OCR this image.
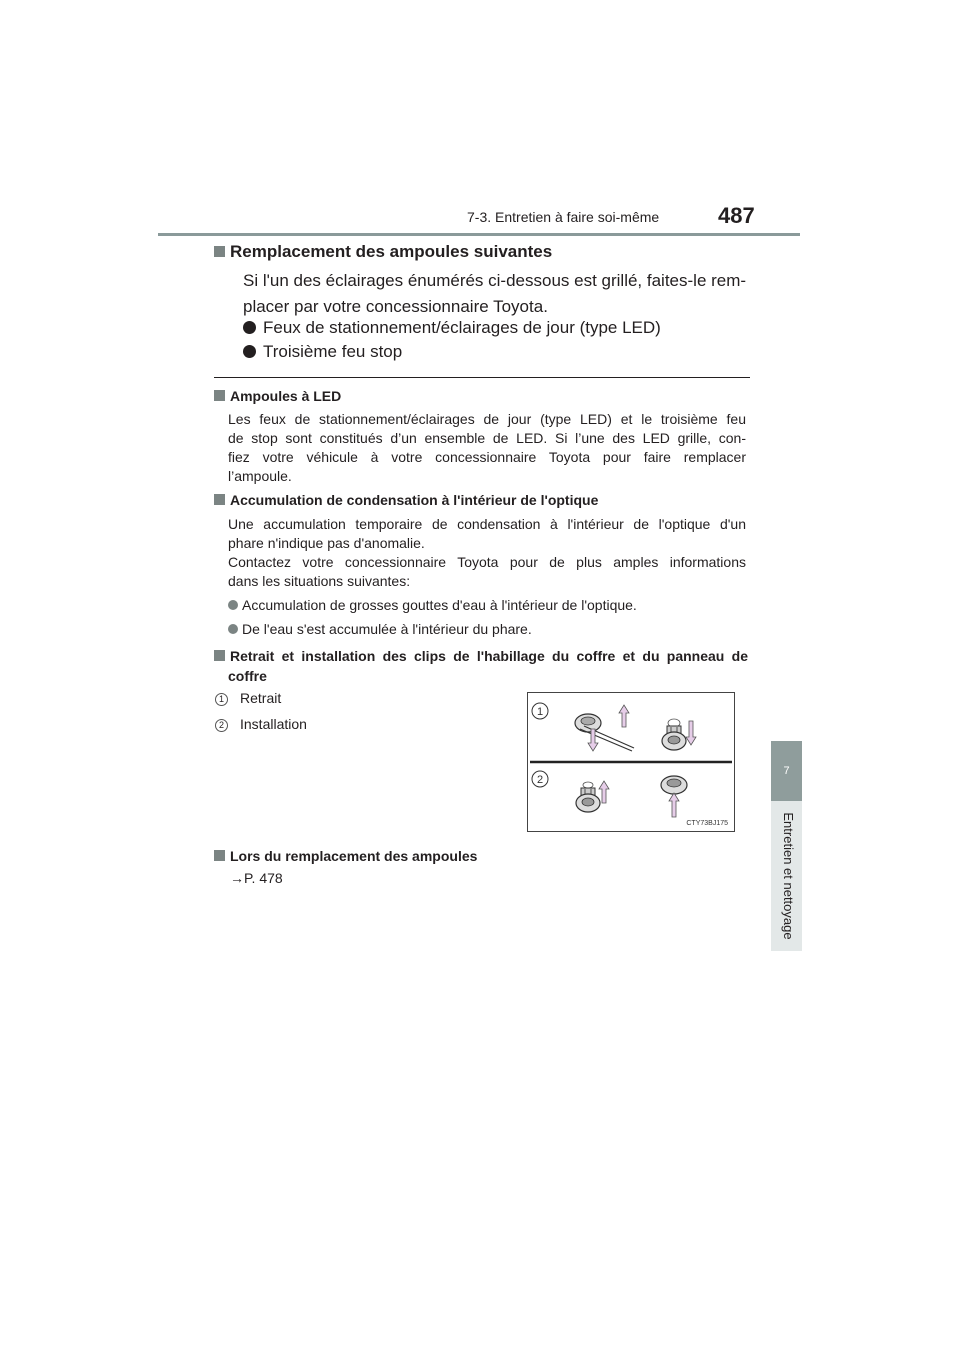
7-3. Entretien à faire soi-même	487
7
Entretien et nettoyage
Remplacement des ampoules suivantes
Si l'un des éclairages énumérés ci-dessous est grillé, faites-le rem-
placer par votre concessionnaire Toyota.
Feux de stationnement/éclairages de jour (type LED)
Troisième feu stop
Ampoules à LED
Les feux de stationnement/éclairages de jour (type LED) et le troisième feu
de stop sont constitués d’un ensemble de LED. Si l’une des LED grille, con-
fiez votre véhicule à votre concessionnaire Toyota pour faire remplacer
l’ampoule.
Accumulation de condensation à l'intérieur de l'optique
Une accumulation temporaire de condensation à l'intérieur de l'optique d'un
phare n'indique pas d'anomalie.
Contactez votre concessionnaire Toyota pour de plus amples informations
dans les situations suivantes:
Accumulation de grosses gouttes d'eau à l'intérieur de l'optique.
De l'eau s'est accumulée à l'intérieur du phare.
Retrait et installation des clips de l'habillage du coffre et du panneau de
coffre
1 Retrait
2 Installation
1
2
CTY73BJ175
Lors du remplacement des ampoules
→P. 478
